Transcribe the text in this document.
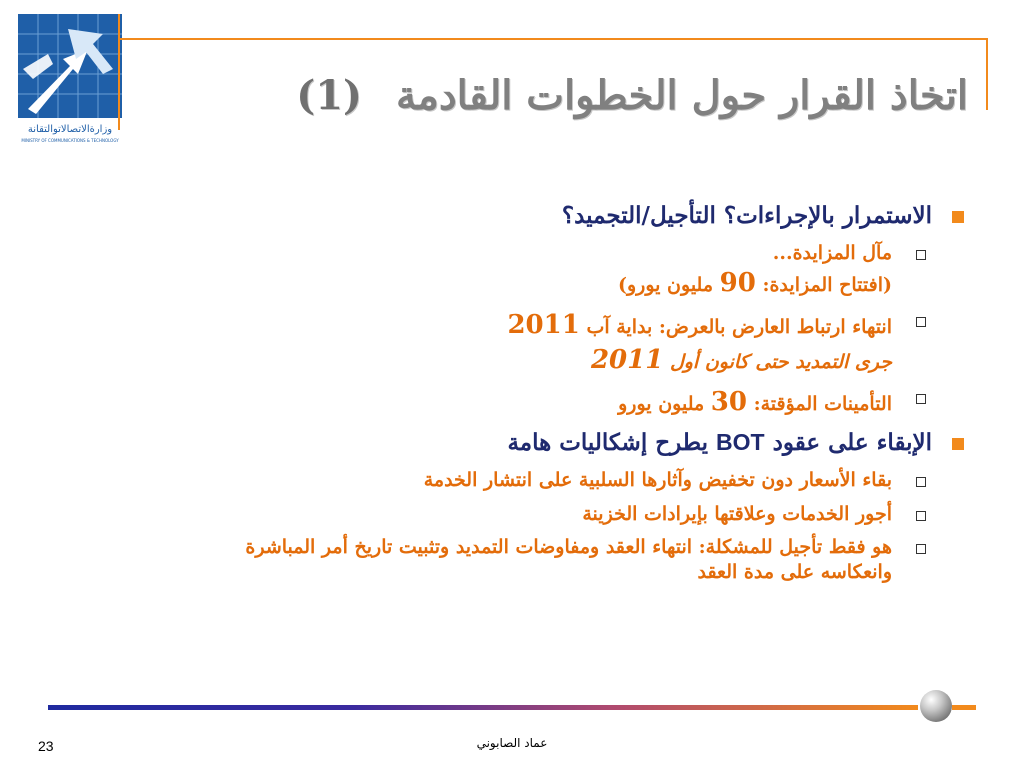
وزارةالاتصالاتوالتقانة
MINISTRY OF COMMUNICATIONS & TECHNOLOGY
اتخاذ القرار حول الخطوات القادمة(1)
الاستمرار بالإجراءات؟ التأجيل/التجميد؟
مآل المزايدة...
(افتتاح المزايدة: 90 مليون يورو)
انتهاء ارتباط العارض بالعرض: بداية آب 2011
جرى التمديد حتى كانون أول 2011
التأمينات المؤقتة: 30 مليون يورو
الإبقاء على عقود BOT يطرح إشكاليات هامة
بقاء الأسعار دون تخفيض وآثارها السلبية على انتشار الخدمة
أجور الخدمات وعلاقتها بإيرادات الخزينة
هو فقط تأجيل للمشكلة: انتهاء العقد ومفاوضات التمديد وتثبيت تاريخ أمر المباشرة
وانعكاسه على مدة العقد
عماد الصابوني
23
